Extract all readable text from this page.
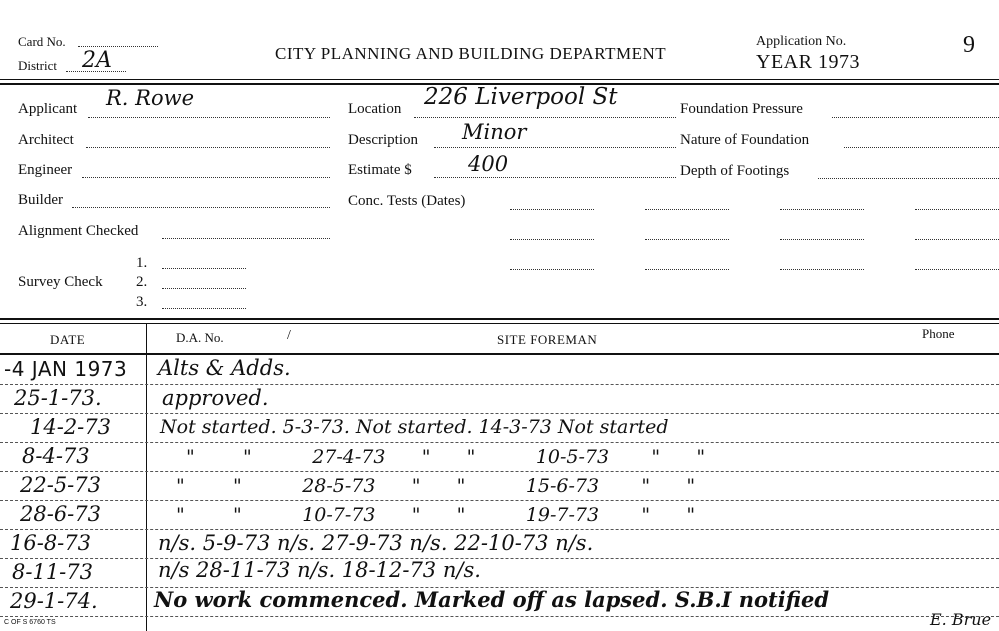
Card No.
District 2A	CITY PLANNING AND BUILDING DEPARTMENT
Application No.
YEAR 1973
9
Applicant R. Rowe
Architect
Engineer
Builder
Alignment Checked
Survey Check
1.
2.
3.
Location 226 Liverpool St
Description Minor
Estimate $	400
Conc. Tests (Dates)
Foundation Pressure
Nature of Foundation
Depth of Footings
DATE	D.A. No.	/	SITE FOREMAN	Phone
-4 JAN 1973 Alts & Adds.
25-1-73.	approved.
14-2-73	Not started. 5-3-73. Not started. 14-3-73 Not started
8-4-73	"        "          27-4-73      "      "          10-5-73       "      "
22-5-73	"        "          28-5-73      "      "          15-6-73       "      "
28-6-73	"        "          10-7-73      "      "          19-7-73       "      "
16-8-73	n/s. 5-9-73 n/s. 27-9-73 n/s. 22-10-73 n/s.
8-11-73	n/s 28-11-73 n/s. 18-12-73 n/s.
29-1-74.	No work commenced. Marked off as lapsed. S.B.I notified
E. Brue
C OF S 6760 TS
